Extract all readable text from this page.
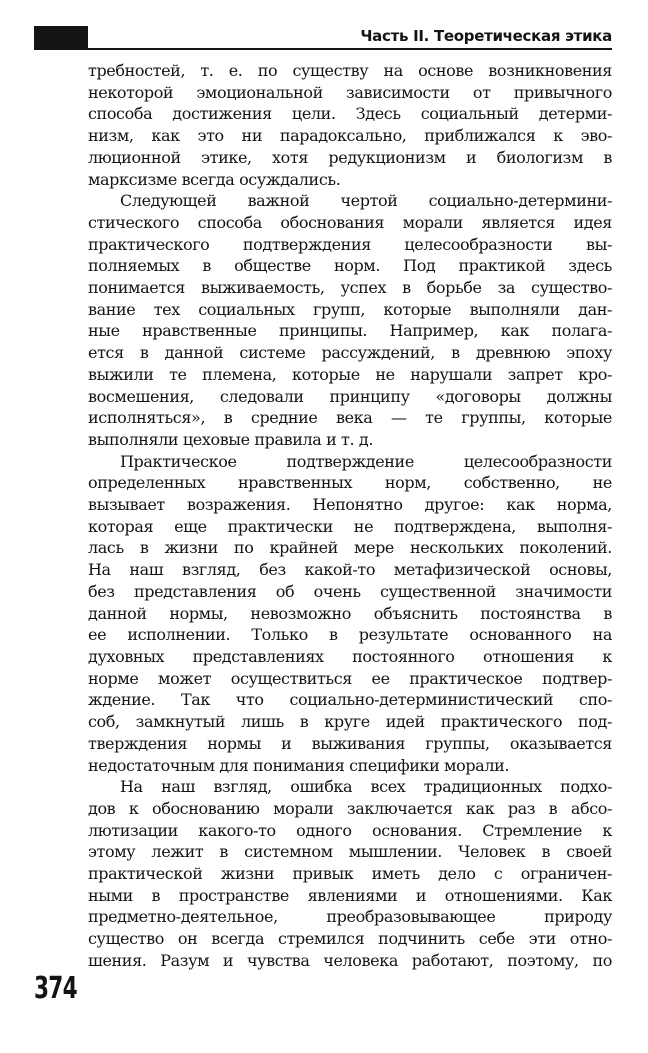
Часть II. Теоретическая этика
требностей, т. е. по существу на основе возникновения
некоторой эмоциональной зависимости от привычного
способа достижения цели. Здесь социальный детерми-
низм, как это ни парадоксально, приближался к эво-
люционной этике, хотя редукционизм и биологизм в
марксизме всегда осуждались.
Следующей важной чертой социально-детермини-
стического способа обоснования морали является идея
практического подтверждения целесообразности вы-
полняемых в обществе норм. Под практикой здесь
понимается выживаемость, успех в борьбе за существо-
вание тех социальных групп, которые выполняли дан-
ные нравственные принципы. Например, как полага-
ется в данной системе рассуждений, в древнюю эпоху
выжили те племена, которые не нарушали запрет кро-
восмешения, следовали принципу «договоры должны
исполняться», в средние века — те группы, которые
выполняли цеховые правила и т. д.
Практическое подтверждение целесообразности
определенных нравственных норм, собственно, не
вызывает возражения. Непонятно другое: как норма,
которая еще практически не подтверждена, выполня-
лась в жизни по крайней мере нескольких поколений.
На наш взгляд, без какой-то метафизической основы,
без представления об очень существенной значимости
данной нормы, невозможно объяснить постоянства в
ее исполнении. Только в результате основанного на
духовных представлениях постоянного отношения к
норме может осуществиться ее практическое подтвер-
ждение. Так что социально-детерминистический спо-
соб, замкнутый лишь в круге идей практического под-
тверждения нормы и выживания группы, оказывается
недостаточным для понимания специфики морали.
На наш взгляд, ошибка всех традиционных подхо-
дов к обоснованию морали заключается как раз в абсо-
лютизации какого-то одного основания. Стремление к
этому лежит в системном мышлении. Человек в своей
практической жизни привык иметь дело с ограничен-
ными в пространстве явлениями и отношениями. Как
предметно-деятельное, преобразовывающее природу
существо он всегда стремился подчинить себе эти отно-
шения. Разум и чувства человека работают, поэтому, по
374
